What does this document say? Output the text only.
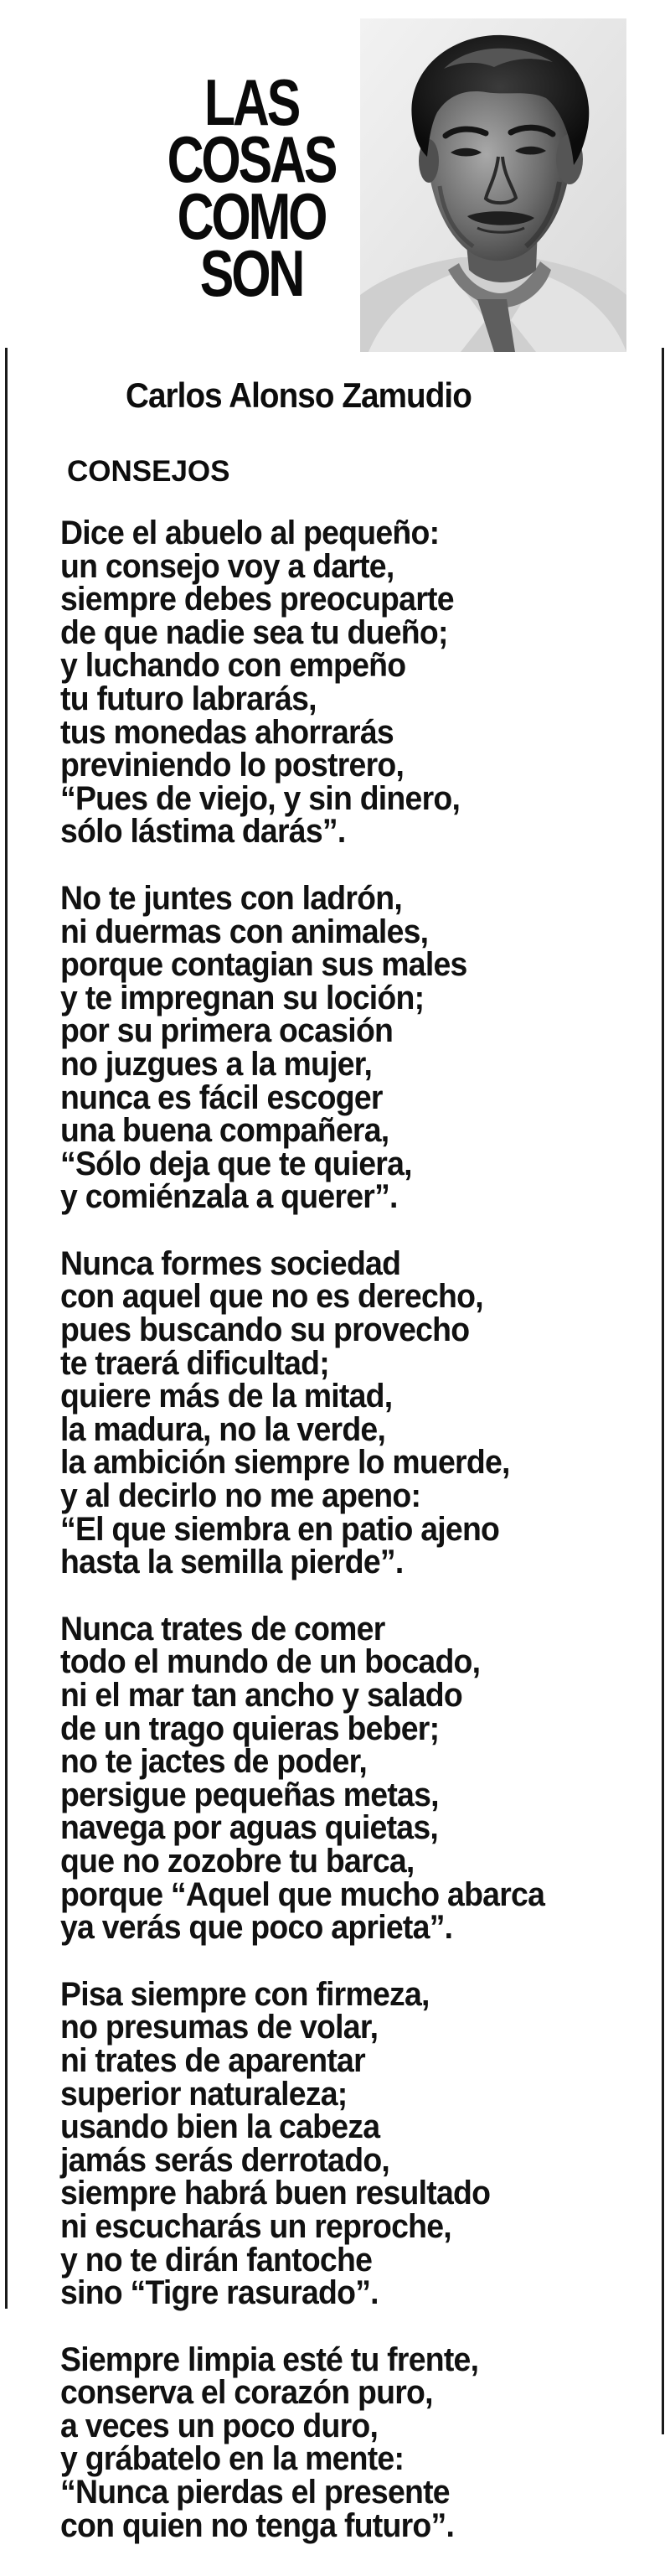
LAS
COSAS
COMO
SON
Carlos Alonso Zamudio
CONSEJOS
Dice el abuelo al pequeño:
un consejo voy a darte,
siempre debes preocuparte
de que nadie sea tu dueño;
y luchando con empeño
tu futuro labrarás,
tus monedas ahorrarás
previniendo lo postrero,
“Pues de viejo, y sin dinero,
sólo lástima darás”.
No te juntes con ladrón,
ni duermas con animales,
porque contagian sus males
y te impregnan su loción;
por su primera ocasión
no juzgues a la mujer,
nunca es fácil escoger
una buena compañera,
“Sólo deja que te quiera,
y comiénzala a querer”.
Nunca formes sociedad
con aquel que no es derecho,
pues buscando su provecho
te traerá dificultad;
quiere más de la mitad,
la madura, no la verde,
la ambición siempre lo muerde,
y al decirlo no me apeno:
“El que siembra en patio ajeno
hasta la semilla pierde”.
Nunca trates de comer
todo el mundo de un bocado,
ni el mar tan ancho y salado
de un trago quieras beber;
no te jactes de poder,
persigue pequeñas metas,
navega por aguas quietas,
que no zozobre tu barca,
porque “Aquel que mucho abarca
ya verás que poco aprieta”.
Pisa siempre con firmeza,
no presumas de volar,
ni trates de aparentar
superior naturaleza;
usando bien la cabeza
jamás serás derrotado,
siempre habrá buen resultado
ni escucharás un reproche,
y no te dirán fantoche
sino “Tigre rasurado”.
Siempre limpia esté tu frente,
conserva el corazón puro,
a veces un poco duro,
y grábatelo en la mente:
“Nunca pierdas el presente
con quien no tenga futuro”.
